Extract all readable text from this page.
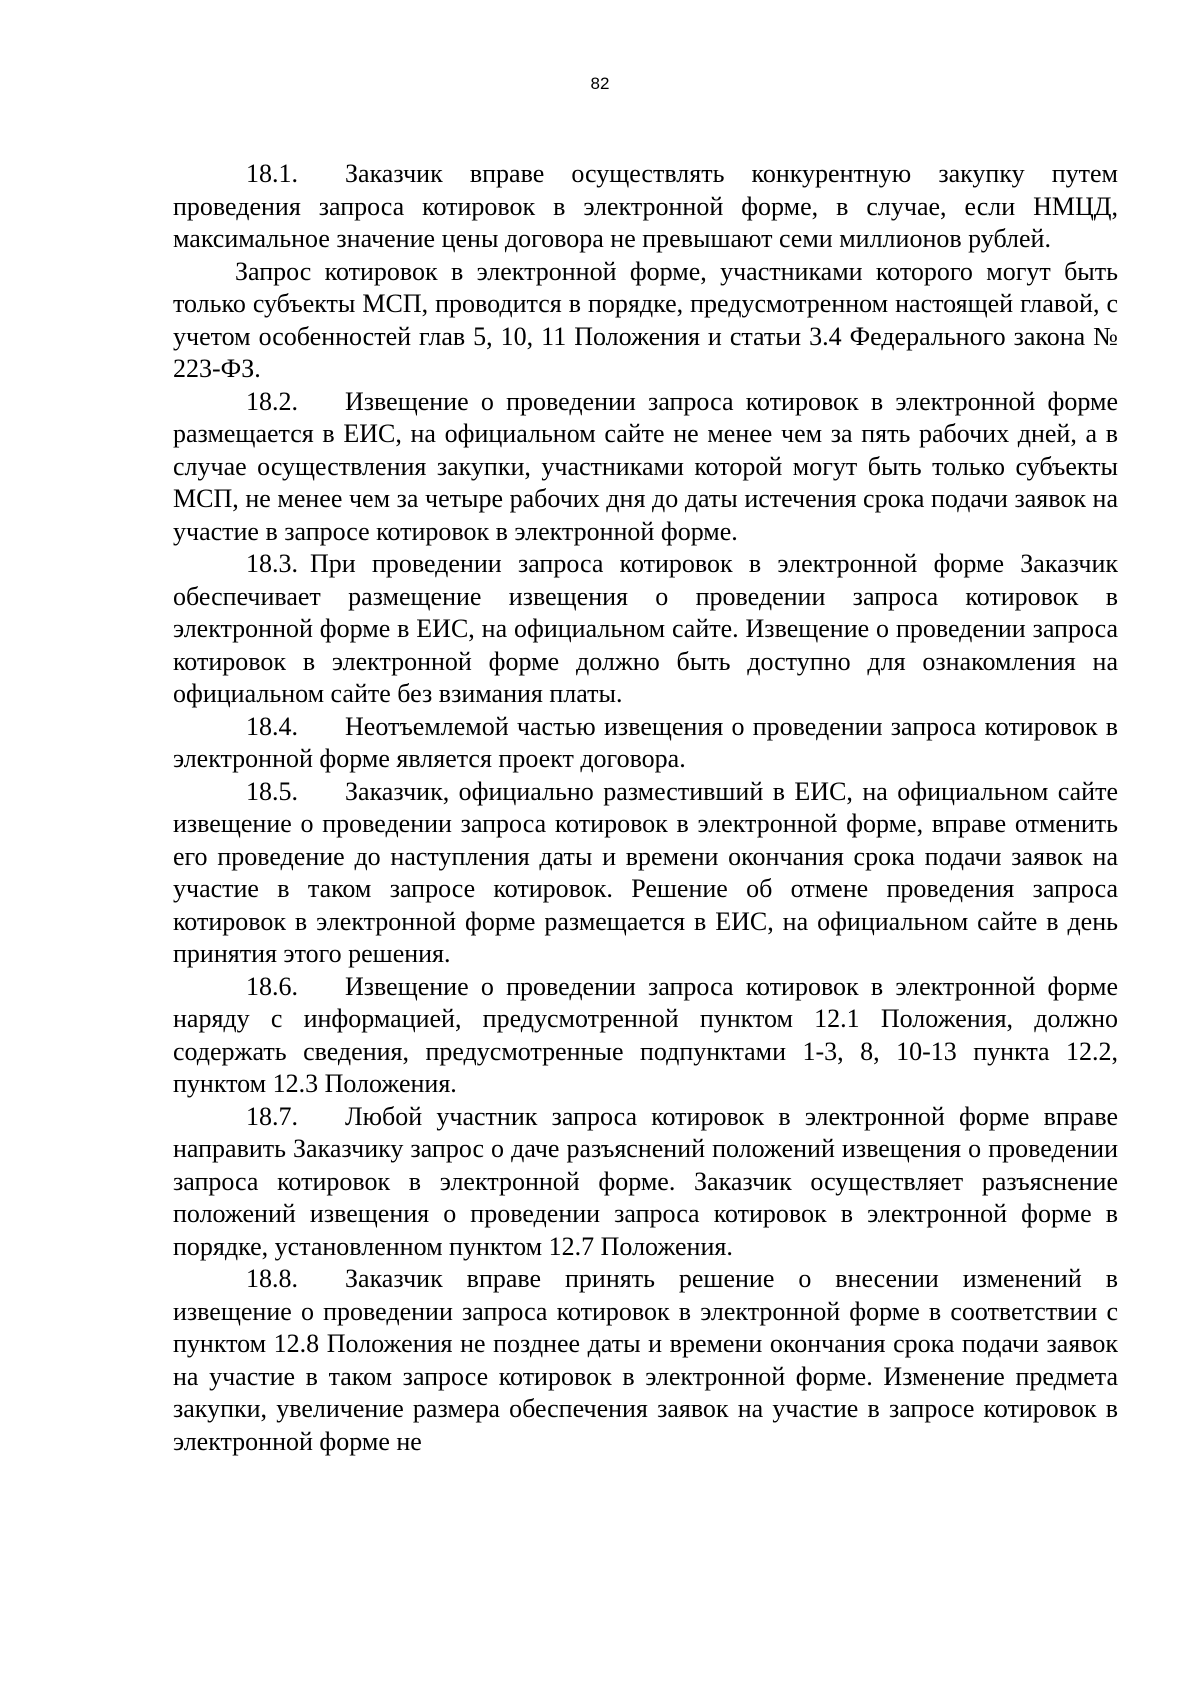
82

18.1. Заказчик вправе осуществлять конкурентную закупку путем проведения запроса котировок в электронной форме, в случае, если НМЦД, максимальное значение цены договора не превышают семи миллионов рублей.

Запрос котировок в электронной форме, участниками которого могут быть только субъекты МСП, проводится в порядке, предусмотренном настоящей главой, с учетом особенностей глав 5, 10, 11 Положения и статьи 3.4 Федерального закона № 223-ФЗ.

18.2. Извещение о проведении запроса котировок в электронной форме размещается в ЕИС, на официальном сайте не менее чем за пять рабочих дней, а в случае осуществления закупки, участниками которой могут быть только субъекты МСП, не менее чем за четыре рабочих дня до даты истечения срока подачи заявок на участие в запросе котировок в электронной форме.

18.3. При проведении запроса котировок в электронной форме Заказчик обеспечивает размещение извещения о проведении запроса котировок в электронной форме в ЕИС, на официальном сайте. Извещение о проведении запроса котировок в электронной форме должно быть доступно для ознакомления на официальном сайте без взимания платы.

18.4. Неотъемлемой частью извещения о проведении запроса котировок в электронной форме является проект договора.

18.5. Заказчик, официально разместивший в ЕИС, на официальном сайте извещение о проведении запроса котировок в электронной форме, вправе отменить его проведение до наступления даты и времени окончания срока подачи заявок на участие в таком запросе котировок. Решение об отмене проведения запроса котировок в электронной форме размещается в ЕИС, на официальном сайте в день принятия этого решения.

18.6. Извещение о проведении запроса котировок в электронной форме наряду с информацией, предусмотренной пунктом 12.1 Положения, должно содержать сведения, предусмотренные подпунктами 1-3, 8, 10-13 пункта 12.2, пунктом 12.3 Положения.

18.7. Любой участник запроса котировок в электронной форме вправе направить Заказчику запрос о даче разъяснений положений извещения о проведении запроса котировок в электронной форме. Заказчик осуществляет разъяснение положений извещения о проведении запроса котировок в электронной форме в порядке, установленном пунктом 12.7 Положения.

18.8. Заказчик вправе принять решение о внесении изменений в извещение о проведении запроса котировок в электронной форме в соответствии с пунктом 12.8 Положения не позднее даты и времени окончания срока подачи заявок на участие в таком запросе котировок в электронной форме. Изменение предмета закупки, увеличение размера обеспечения заявок на участие в запросе котировок в электронной форме не
